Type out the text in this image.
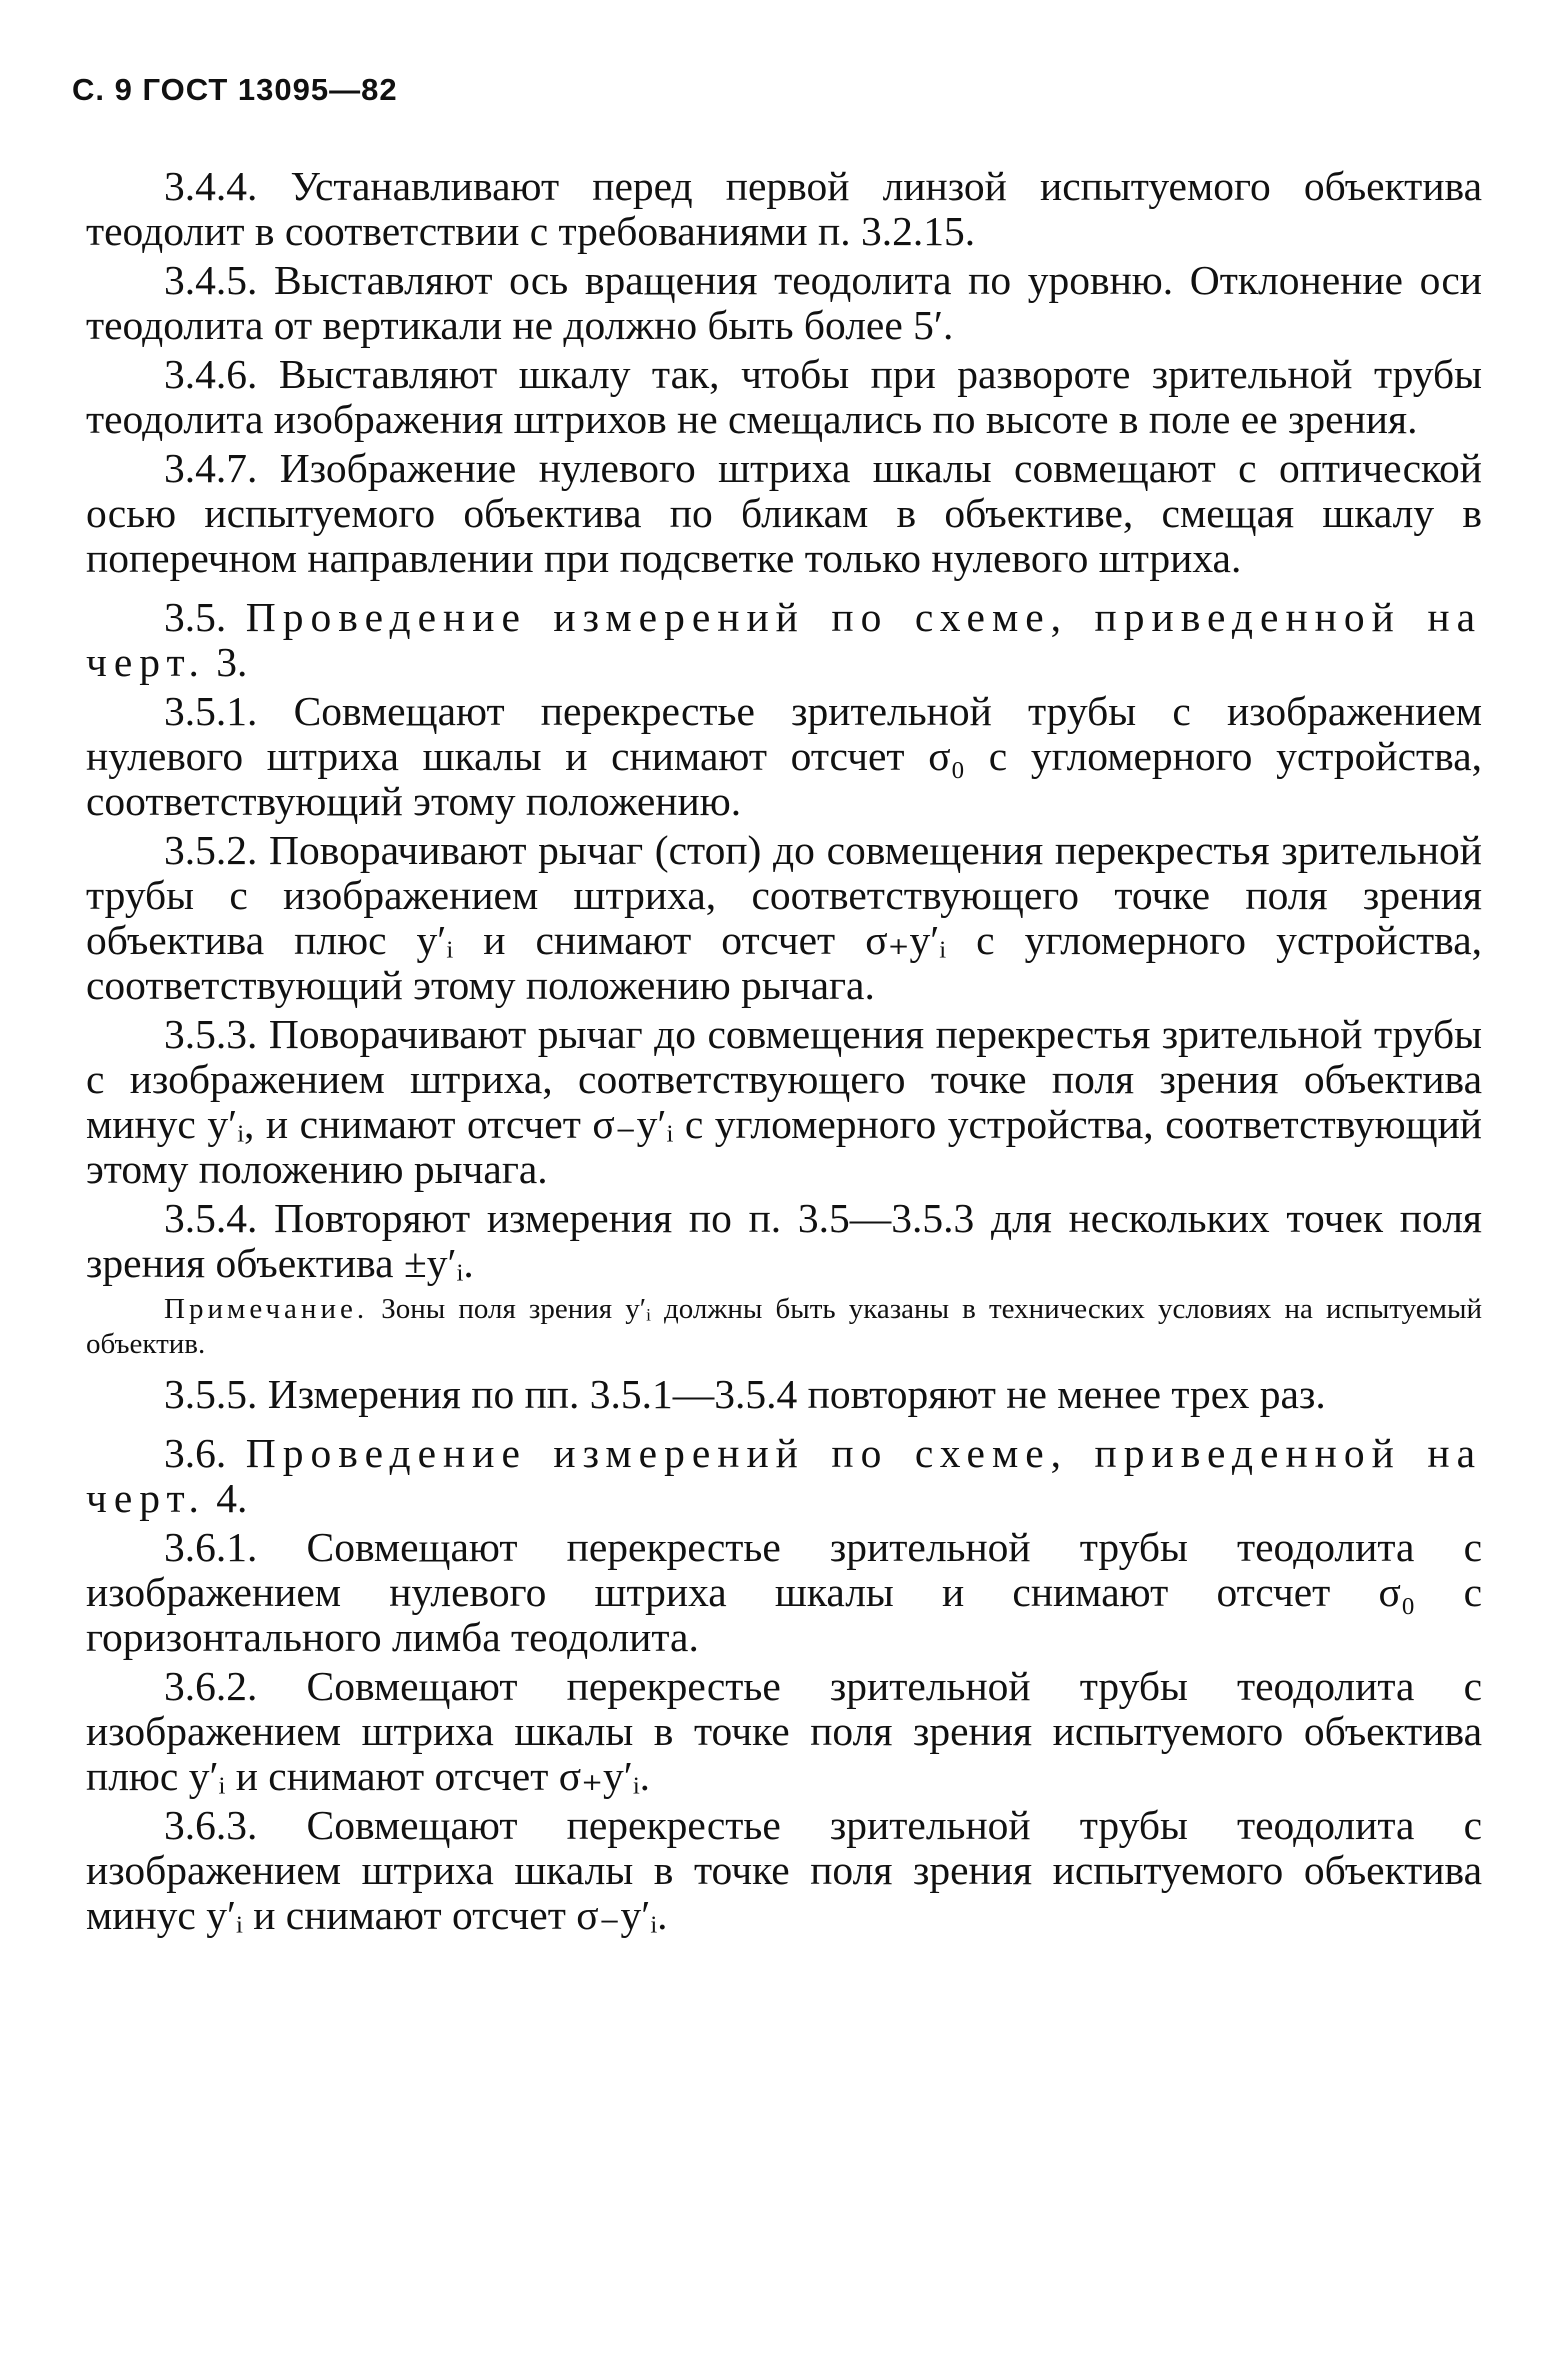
С. 9 ГОСТ 13095—82

3.4.4. Устанавливают перед первой линзой испытуемого объектива теодолит в соответствии с требованиями п. 3.2.15.

3.4.5. Выставляют ось вращения теодолита по уровню. Отклонение оси теодолита от вертикали не должно быть более 5′.

3.4.6. Выставляют шкалу так, чтобы при развороте зрительной трубы теодолита изображения штрихов не смещались по высоте в поле ее зрения.

3.4.7. Изображение нулевого штриха шкалы совмещают с оптической осью испытуемого объектива по бликам в объективе, смещая шкалу в поперечном направлении при подсветке только нулевого штриха.

3.5. Проведение измерений по схеме, приведенной на черт. 3.

3.5.1. Совмещают перекрестье зрительной трубы с изображением нулевого штриха шкалы и снимают отсчет σ₀ с угломерного устройства, соответствующий этому положению.

3.5.2. Поворачивают рычаг (стоп) до совмещения перекрестья зрительной трубы с изображением штриха, соответствующего точке поля зрения объектива плюс y′ᵢ и снимают отсчет σ₊y′ᵢ с угломерного устройства, соответствующий этому положению рычага.

3.5.3. Поворачивают рычаг до совмещения перекрестья зрительной трубы с изображением штриха, соответствующего точке поля зрения объектива минус y′ᵢ, и снимают отсчет σ₋y′ᵢ с угломерного устройства, соответствующий этому положению рычага.

3.5.4. Повторяют измерения по п. 3.5—3.5.3 для нескольких точек поля зрения объектива ±y′ᵢ.

Примечание. Зоны поля зрения y′ᵢ должны быть указаны в технических условиях на испытуемый объектив.

3.5.5. Измерения по пп. 3.5.1—3.5.4 повторяют не менее трех раз.

3.6. Проведение измерений по схеме, приведенной на черт. 4.

3.6.1. Совмещают перекрестье зрительной трубы теодолита с изображением нулевого штриха шкалы и снимают отсчет σ₀ с горизонтального лимба теодолита.

3.6.2. Совмещают перекрестье зрительной трубы теодолита с изображением штриха шкалы в точке поля зрения испытуемого объектива плюс y′ᵢ и снимают отсчет σ₊y′ᵢ.

3.6.3. Совмещают перекрестье зрительной трубы теодолита с изображением штриха шкалы в точке поля зрения испытуемого объектива минус y′ᵢ и снимают отсчет σ₋y′ᵢ.
